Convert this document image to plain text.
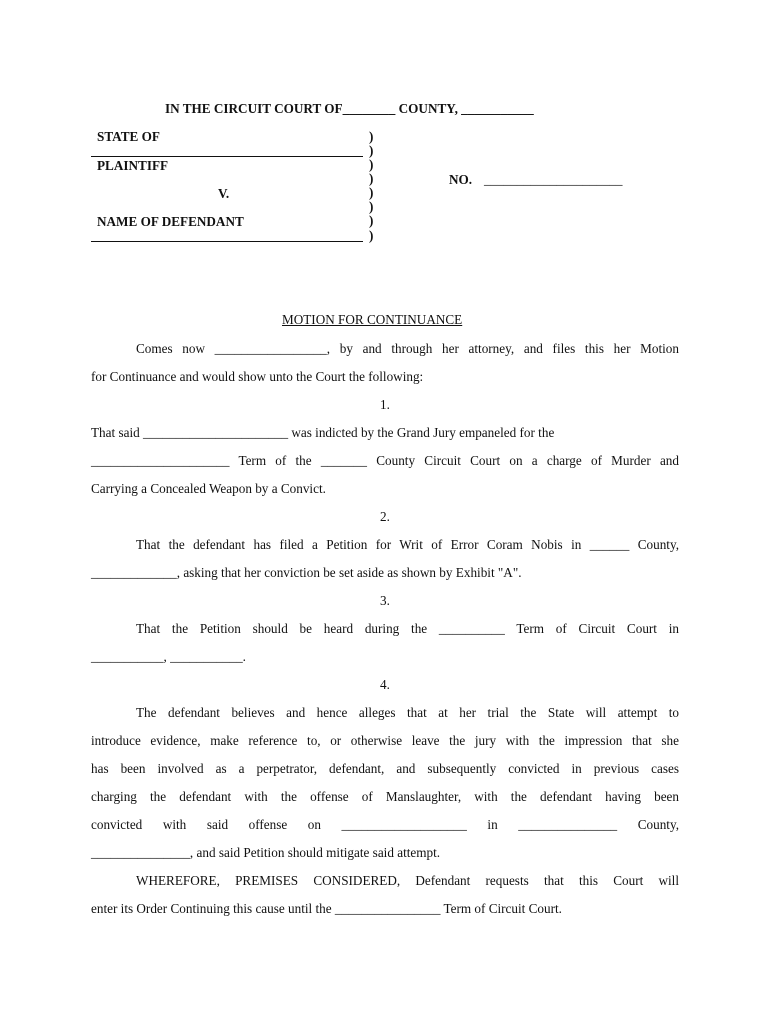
IN THE CIRCUIT COURT OF________ COUNTY, ___________
STATE OF
PLAINTIFF
V.
NAME OF DEFENDANT
)
)
)
)
)
)
)
)
NO. _____________________
MOTION FOR CONTINUANCE
Comes now _________________, by and through her attorney, and files this her Motion
for Continuance and would show unto the Court the following:
1.
That said ______________________ was indicted by the Grand Jury empaneled for the
_____________________ Term of the _______ County Circuit Court on a charge of Murder and
Carrying a Concealed Weapon by a Convict.
2.
That the defendant has filed a Petition for Writ of Error Coram Nobis in ______ County,
_____________, asking that her conviction be set aside as shown by Exhibit "A".
3.
That the Petition should be heard during the __________ Term of Circuit Court in
___________, ___________.
4.
The defendant believes and hence alleges that at her trial the State will attempt to
introduce evidence, make reference to, or otherwise leave the jury with the impression that she
has been involved as a perpetrator, defendant, and subsequently convicted in previous cases
charging the defendant with the offense of Manslaughter, with the defendant having been
convicted with said offense on ___________________ in _______________ County,
_______________, and said Petition should mitigate said attempt.
WHEREFORE, PREMISES CONSIDERED, Defendant requests that this Court will
enter its Order Continuing this cause until the ________________ Term of Circuit Court.
